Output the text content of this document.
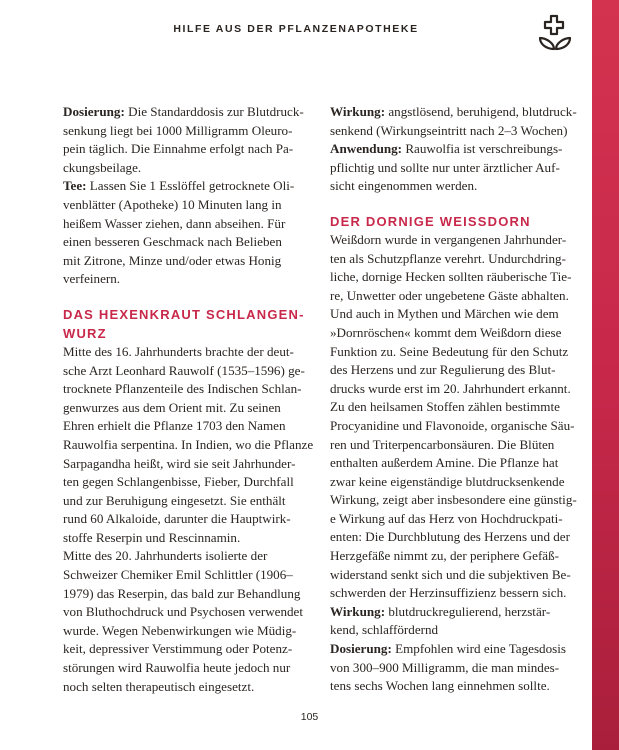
HILFE AUS DER PFLANZENAPOTHEKE

Dosierung: Die Standarddosis zur Blutdruck-
senkung liegt bei 1000 Milligramm Oleuro-
pein täglich. Die Einnahme erfolgt nach Pa-
ckungsbeilage.

Tee: Lassen Sie 1 Esslöffel getrocknete Oli-
venblätter (Apotheke) 10 Minuten lang in
heißem Wasser ziehen, dann abseihen. Für
einen besseren Geschmack nach Belieben
mit Zitrone, Minze und/oder etwas Honig
verfeinern.

DAS HEXENKRAUT SCHLANGEN-
WURZ

Mitte des 16. Jahrhunderts brachte der deut-
sche Arzt Leonhard Rauwolf (1535–1596) ge-
trocknete Pflanzenteile des Indischen Schlan-
genwurzes aus dem Orient mit. Zu seinen
Ehren erhielt die Pflanze 1703 den Namen
Rauwolfia serpentina. In Indien, wo die Pflanze
Sarpagandha heißt, wird sie seit Jahrhunder-
ten gegen Schlangenbisse, Fieber, Durchfall
und zur Beruhigung eingesetzt. Sie enthält
rund 60 Alkaloide, darunter die Hauptwirk-
stoffe Reserpin und Rescinnamin.
Mitte des 20. Jahrhunderts isolierte der
Schweizer Chemiker Emil Schlittler (1906–
1979) das Reserpin, das bald zur Behandlung
von Bluthochdruck und Psychosen verwendet
wurde. Wegen Nebenwirkungen wie Müdig-
keit, depressiver Verstimmung oder Potenz-
störungen wird Rauwolfia heute jedoch nur
noch selten therapeutisch eingesetzt.

Wirkung: angstlösend, beruhigend, blutdruck-
senkend (Wirkungseintritt nach 2–3 Wochen)

Anwendung: Rauwolfia ist verschreibungs-
pflichtig und sollte nur unter ärztlicher Auf-
sicht eingenommen werden.

DER DORNIGE WEISSDORN

Weißdorn wurde in vergangenen Jahrhunder-
ten als Schutzpflanze verehrt. Undurchdring-
liche, dornige Hecken sollten räuberische Tie-
re, Unwetter oder ungebetene Gäste abhalten.
Und auch in Mythen und Märchen wie dem
»Dornröschen« kommt dem Weißdorn diese
Funktion zu. Seine Bedeutung für den Schutz
des Herzens und zur Regulierung des Blut-
drucks wurde erst im 20. Jahrhundert erkannt.
Zu den heilsamen Stoffen zählen bestimmte
Procyanidine und Flavonoide, organische Säu-
ren und Triterpencarbonsäuren. Die Blüten
enthalten außerdem Amine. Die Pflanze hat
zwar keine eigenständige blutdrucksenkende
Wirkung, zeigt aber insbesondere eine günstig-
e Wirkung auf das Herz von Hochdruckpati-
enten: Die Durchblutung des Herzens und der
Herzgefäße nimmt zu, der periphere Gefäß-
widerstand senkt sich und die subjektiven Be-
schwerden der Herzinsuffizienz bessern sich.

Wirkung: blutdruckregulierend, herzstär-
kend, schlaffördernd

Dosierung: Empfohlen wird eine Tagesdosis
von 300–900 Milligramm, die man mindes-
tens sechs Wochen lang einnehmen sollte.

105
